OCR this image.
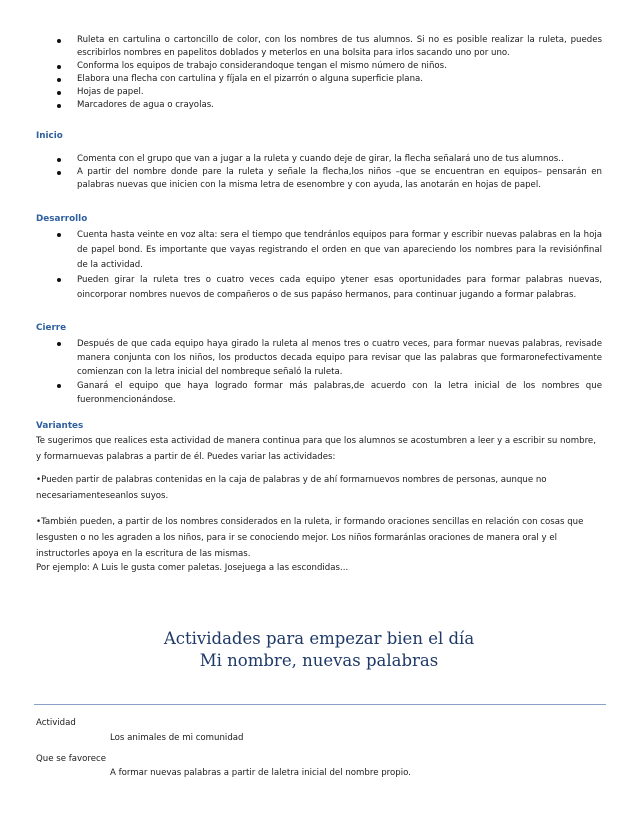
Ruleta en cartulina o cartoncillo de color, con los nombres de tus alumnos. Si no es posible realizar la ruleta, puedes escribirlos nombres en papelitos doblados y meterlos en una bolsita para irlos sacando uno por uno.
Conforma los equipos de trabajo considerandoque tengan el mismo número de niños.
Elabora una flecha con cartulina y fíjala en el pizarrón o alguna superficie plana.
Hojas de papel.
Marcadores de agua o crayolas.
Inicio
Comenta con el grupo que van a jugar a la ruleta y cuando deje de girar, la flecha señalará uno de tus alumnos..
A partir del nombre donde pare la ruleta y señale la flecha,los niños –que se encuentran en equipos– pensarán en palabras nuevas que inicien con la misma letra de esenombre y con ayuda, las anotarán en hojas de papel.
Desarrollo
Cuenta hasta veinte en voz alta: sera el tiempo que tendránlos equipos para formar y escribir nuevas palabras en la hoja de papel bond. Es importante que vayas registrando el orden en que van apareciendo los nombres para la revisiónfinal de la actividad.
Pueden girar la ruleta tres o cuatro veces cada equipo ytener esas oportunidades para formar palabras nuevas, oincorporar nombres nuevos de compañeros o de sus papáso hermanos, para continuar jugando a formar palabras.
Cierre
Después de que cada equipo haya girado la ruleta al menos tres o cuatro veces, para formar nuevas palabras, revisade manera conjunta con los niños, los productos decada equipo para revisar que las palabras que formaronefectivamente comienzan con la letra inicial del nombreque señaló la ruleta.
Ganará el equipo que haya logrado formar más palabras,de acuerdo con la letra inicial de los nombres que fueronmencionándose.
Variantes

Te sugerimos que realices esta actividad de manera continua para que los alumnos se acostumbren a leer y a escribir su nombre, y formarnuevas palabras a partir de él. Puedes variar las actividades:

•Pueden partir de palabras contenidas en la caja de palabras y de ahí formarnuevos nombres de personas, aunque no necesariamenteseanlos suyos.

•También pueden, a partir de los nombres considerados en la ruleta, ir formando oraciones sencillas en relación con cosas que lesgusten o no les agraden a los niños, para ir se conociendo mejor. Los niños formaránlas oraciones de manera oral y el instructorles apoya en la escritura de las mismas.

Por ejemplo: A Luis le gusta comer paletas. Josejuega a las escondidas...

Actividades para empezar bien el día
Mi nombre, nuevas palabras
Actividad
Los animales de mi comunidad
Que se favorece
A formar nuevas palabras a partir de laletra inicial del nombre propio.
